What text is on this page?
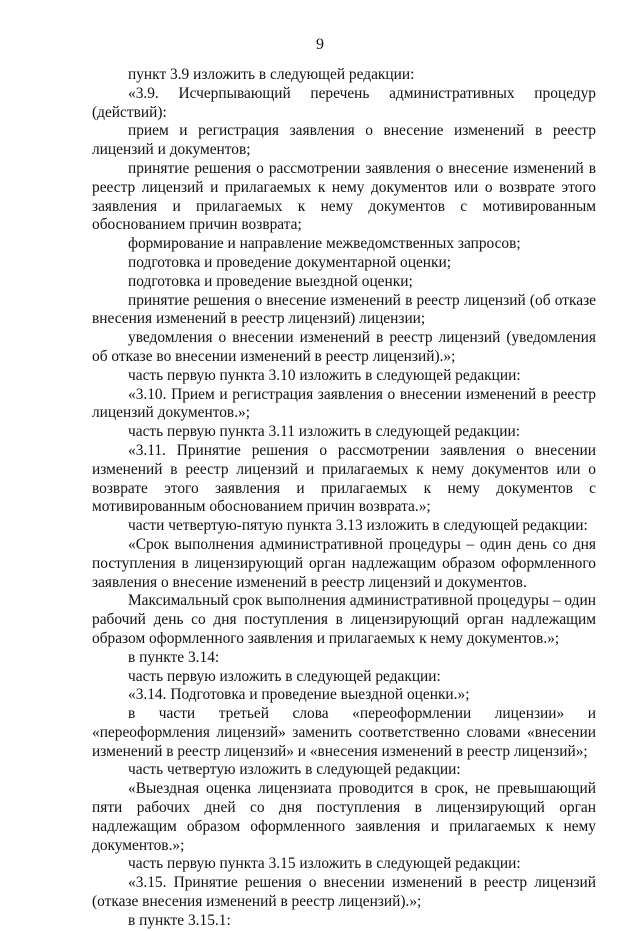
9

пункт 3.9 изложить в следующей редакции:

«3.9. Исчерпывающий перечень административных процедур (действий):

прием и регистрация заявления о внесение изменений в реестр лицензий и документов;

принятие решения о рассмотрении заявления о внесение изменений в реестр лицензий и прилагаемых к нему документов или о возврате этого заявления и прилагаемых к нему документов с мотивированным обоснованием причин возврата;

формирование и направление межведомственных запросов;

подготовка и проведение документарной оценки;

подготовка и проведение выездной оценки;

принятие решения о внесение изменений в реестр лицензий (об отказе внесения изменений в реестр лицензий) лицензии;

уведомления о внесении изменений в реестр лицензий (уведомления об отказе во внесении изменений в реестр лицензий).»;

часть первую пункта 3.10 изложить в следующей редакции:

«3.10. Прием и регистрация заявления о внесении изменений в реестр лицензий документов.»;

часть первую пункта 3.11 изложить в следующей редакции:

«3.11. Принятие решения о рассмотрении заявления о внесении изменений в реестр лицензий и прилагаемых к нему документов или о возврате этого заявления и прилагаемых к нему документов с мотивированным обоснованием причин возврата.»;

части четвертую-пятую пункта 3.13 изложить в следующей редакции:

«Срок выполнения административной процедуры – один день со дня поступления в лицензирующий орган надлежащим образом оформленного заявления о внесение изменений в реестр лицензий и документов.

Максимальный срок выполнения административной процедуры – один рабочий день со дня поступления в лицензирующий орган надлежащим образом оформленного заявления и прилагаемых к нему документов.»;

в пункте 3.14:

часть первую изложить в следующей редакции:

«3.14. Подготовка и проведение выездной оценки.»;

в части третьей слова «переоформлении лицензии» и «переоформления лицензий» заменить соответственно словами «внесении изменений в реестр лицензий» и «внесения изменений в реестр лицензий»;

часть четвертую изложить в следующей редакции:

«Выездная оценка лицензиата проводится в срок, не превышающий пяти рабочих дней со дня поступления в лицензирующий орган надлежащим образом оформленного заявления и прилагаемых к нему документов.»;

часть первую пункта 3.15 изложить в следующей редакции:

«3.15. Принятие решения о внесении изменений в реестр лицензий (отказе внесения изменений в реестр лицензий).»;

в пункте 3.15.1:
